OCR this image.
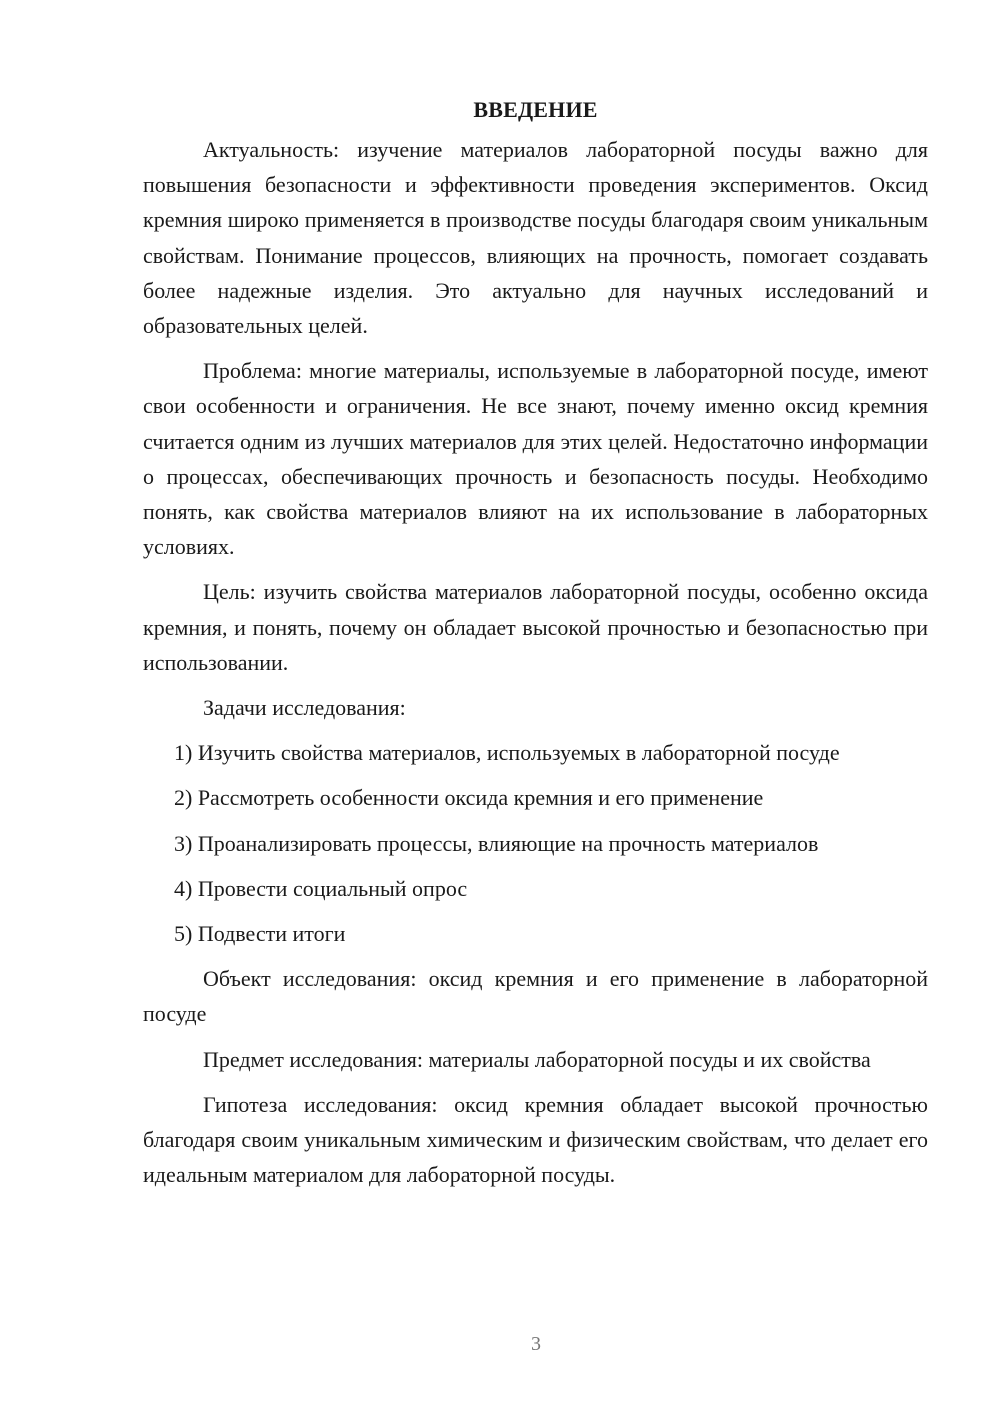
ВВЕДЕНИЕ

Актуальность: изучение материалов лабораторной посуды важно для повышения безопасности и эффективности проведения экспериментов. Оксид кремния широко применяется в производстве посуды благодаря своим уникальным свойствам. Понимание процессов, влияющих на прочность, помогает создавать более надежные изделия. Это актуально для научных исследований и образовательных целей.

Проблема: многие материалы, используемые в лабораторной посуде, имеют свои особенности и ограничения. Не все знают, почему именно оксид кремния считается одним из лучших материалов для этих целей. Недостаточно информации о процессах, обеспечивающих прочность и безопасность посуды. Необходимо понять, как свойства материалов влияют на их использование в лабораторных условиях.

Цель: изучить свойства материалов лабораторной посуды, особенно оксида кремния, и понять, почему он обладает высокой прочностью и безопасностью при использовании.

Задачи исследования:

1) Изучить свойства материалов, используемых в лабораторной посуде

2) Рассмотреть особенности оксида кремния и его применение

3) Проанализировать процессы, влияющие на прочность материалов

4) Провести социальный опрос

5) Подвести итоги

Объект исследования: оксид кремния и его применение в лабораторной посуде

Предмет исследования: материалы лабораторной посуды и их свойства

Гипотеза исследования: оксид кремния обладает высокой прочностью благодаря своим уникальным химическим и физическим свойствам, что делает его идеальным материалом для лабораторной посуды.

3
